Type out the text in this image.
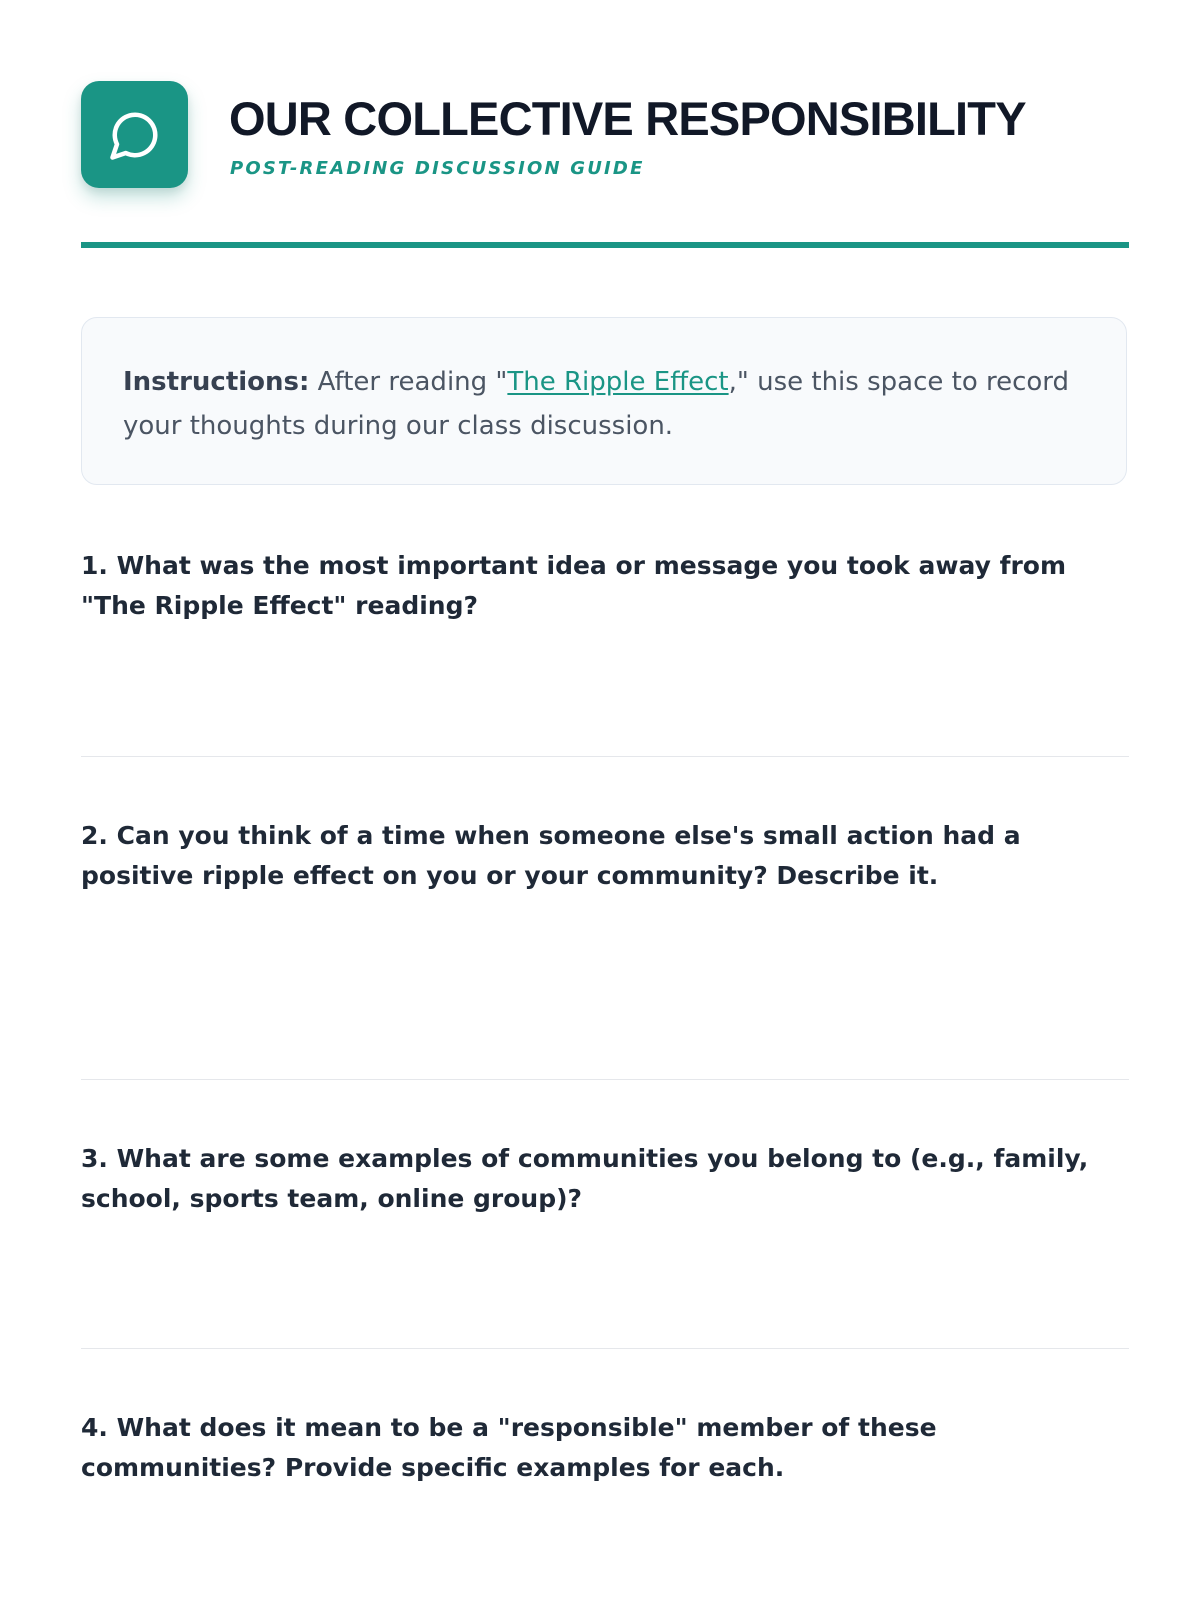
OUR COLLECTIVE RESPONSIBILITY
POST-READING DISCUSSION GUIDE
Instructions: After reading "The Ripple Effect," use this space to record your thoughts during our class discussion.
1. What was the most important idea or message you took away from "The Ripple Effect" reading?
2. Can you think of a time when someone else's small action had a positive ripple effect on you or your community? Describe it.
3. What are some examples of communities you belong to (e.g., family, school, sports team, online group)?
4. What does it mean to be a "responsible" member of these communities? Provide specific examples for each.
